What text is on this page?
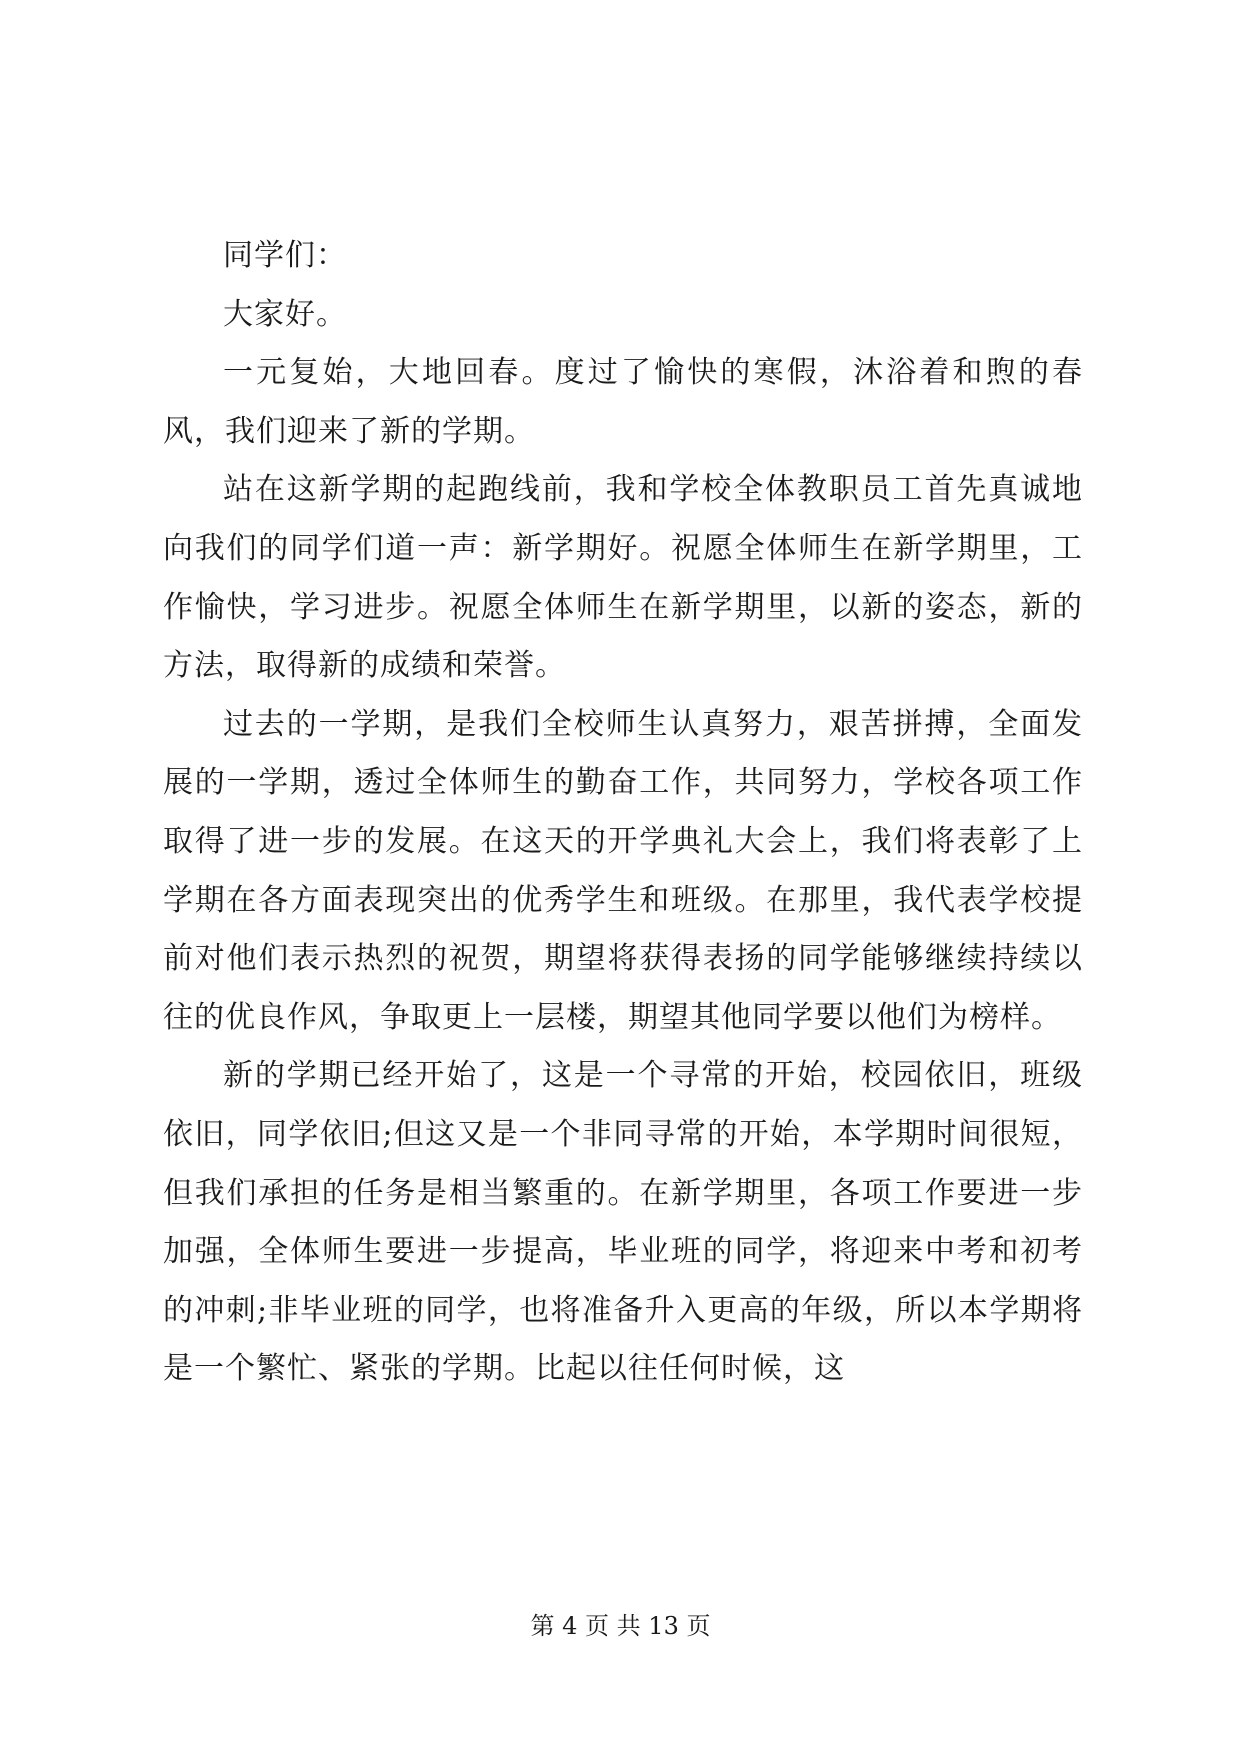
同学们：

大家好。

一元复始，大地回春。度过了愉快的寒假，沐浴着和煦的春风，我们迎来了新的学期。

站在这新学期的起跑线前，我和学校全体教职员工首先真诚地向我们的同学们道一声：新学期好。祝愿全体师生在新学期里，工作愉快，学习进步。祝愿全体师生在新学期里，以新的姿态，新的方法，取得新的成绩和荣誉。

过去的一学期，是我们全校师生认真努力，艰苦拼搏，全面发展的一学期，透过全体师生的勤奋工作，共同努力，学校各项工作取得了进一步的发展。在这天的开学典礼大会上，我们将表彰了上学期在各方面表现突出的优秀学生和班级。在那里，我代表学校提前对他们表示热烈的祝贺，期望将获得表扬的同学能够继续持续以往的优良作风，争取更上一层楼，期望其他同学要以他们为榜样。

新的学期已经开始了，这是一个寻常的开始，校园依旧，班级依旧，同学依旧;但这又是一个非同寻常的开始，本学期时间很短，但我们承担的任务是相当繁重的。在新学期里，各项工作要进一步加强，全体师生要进一步提高，毕业班的同学，将迎来中考和初考的冲刺;非毕业班的同学，也将准备升入更高的年级，所以本学期将是一个繁忙、紧张的学期。比起以往任何时候，这

第 4 页 共 13 页
